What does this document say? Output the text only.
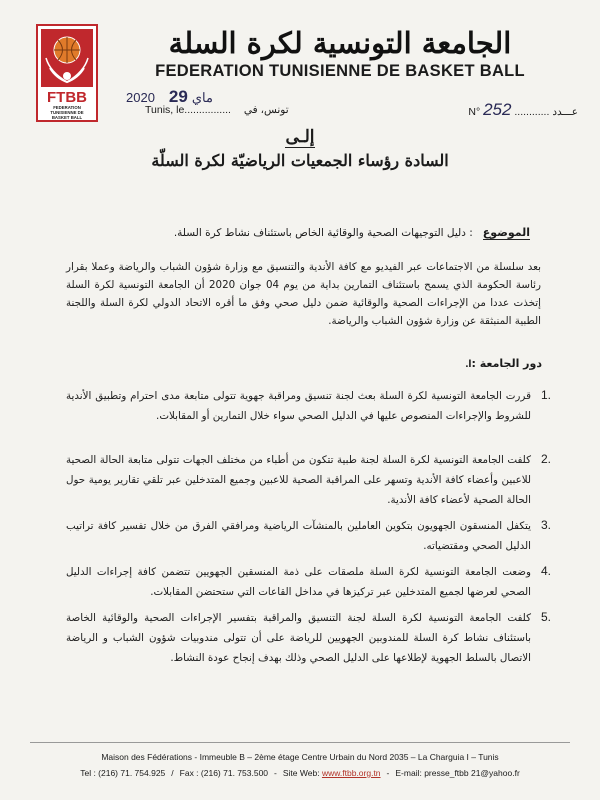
FTBB
FEDERATION
TUNISIENNE DE
BASKET BALL
الجامعة التونسية لكرة السلة
FEDERATION TUNISIENNE DE BASKET BALL
2020 29 ماي
Tunis, le................ تونس، في	N° 252 ............ عـــدد
إلـى
السادة رؤساء الجمعيات الرياضيّة لكرة السلّة
الموضوع: دليل التوجيهات الصحية والوقائية الخاص باستئناف نشاط كرة السلة.
بعد سلسلة من الاجتماعات عبر الفيديو مع كافة الأندية والتنسيق مع وزارة شؤون الشباب والرياضة وعملا بقرار رئاسة الحكومة الذي يسمح باستئناف التمارين بداية من يوم 04 جوان 2020 أن الجامعة التونسية لكرة السلة إتخذت عددا من الإجراءات الصحية والوقائية ضمن دليل صحي وفق ما أقره الاتحاد الدولي لكرة السلة واللجنة الطبية المنبثقة عن وزارة شؤون الشباب والرياضة.
دور الجامعة :I.
1.
قررت الجامعة التونسية لكرة السلة بعث لجنة تنسيق ومراقبة جهوية تتولى متابعة مدى احترام وتطبيق الأندية للشروط والإجراءات المنصوص عليها في الدليل الصحي سواء خلال التمارين أو المقابلات.
2.
كلفت الجامعة التونسية لكرة السلة لجنة طبية تتكون من أطباء من مختلف الجهات تتولى متابعة الحالة الصحية للاعبين وأعضاء كافة الأندية وتسهر على المراقبة الصحية للاعبين وجميع المتدخلين عبر تلقي تقارير يومية حول الحالة الصحية لأعضاء كافة الأندية.
3.
يتكفل المنسقون الجهويون بتكوين العاملين بالمنشآت الرياضية ومرافقي الفرق من خلال تفسير كافة تراتيب الدليل الصحي ومقتضياته.
4.
وضعت الجامعة التونسية لكرة السلة ملصقات على ذمة المنسقين الجهويين تتضمن كافة إجراءات الدليل الصحي لعرضها لجميع المتدخلين عبر تركيزها في مداخل القاعات التي ستحتضن المقابلات.
5.
كلفت الجامعة التونسية لكرة السلة لجنة التنسيق والمراقبة بتفسير الإجراءات الصحية والوقائية الخاصة باستئناف نشاط كرة السلة للمندوبين الجهويين للرياضة على أن تتولى مندوبيات شؤون الشباب و الرياضة الاتصال بالسلط الجهوية لإطلاعها على الدليل الصحي وذلك بهدف إنجاح عودة النشاط.
Maison des Fédérations - Immeuble B – 2ème étage Centre Urbain du Nord 2035 – La Charguia I – Tunis
Tel : (216) 71. 754.925 / Fax : (216) 71. 753.500 - Site Web: www.ftbb.org.tn - E-mail: presse_ftbb 21@yahoo.fr
